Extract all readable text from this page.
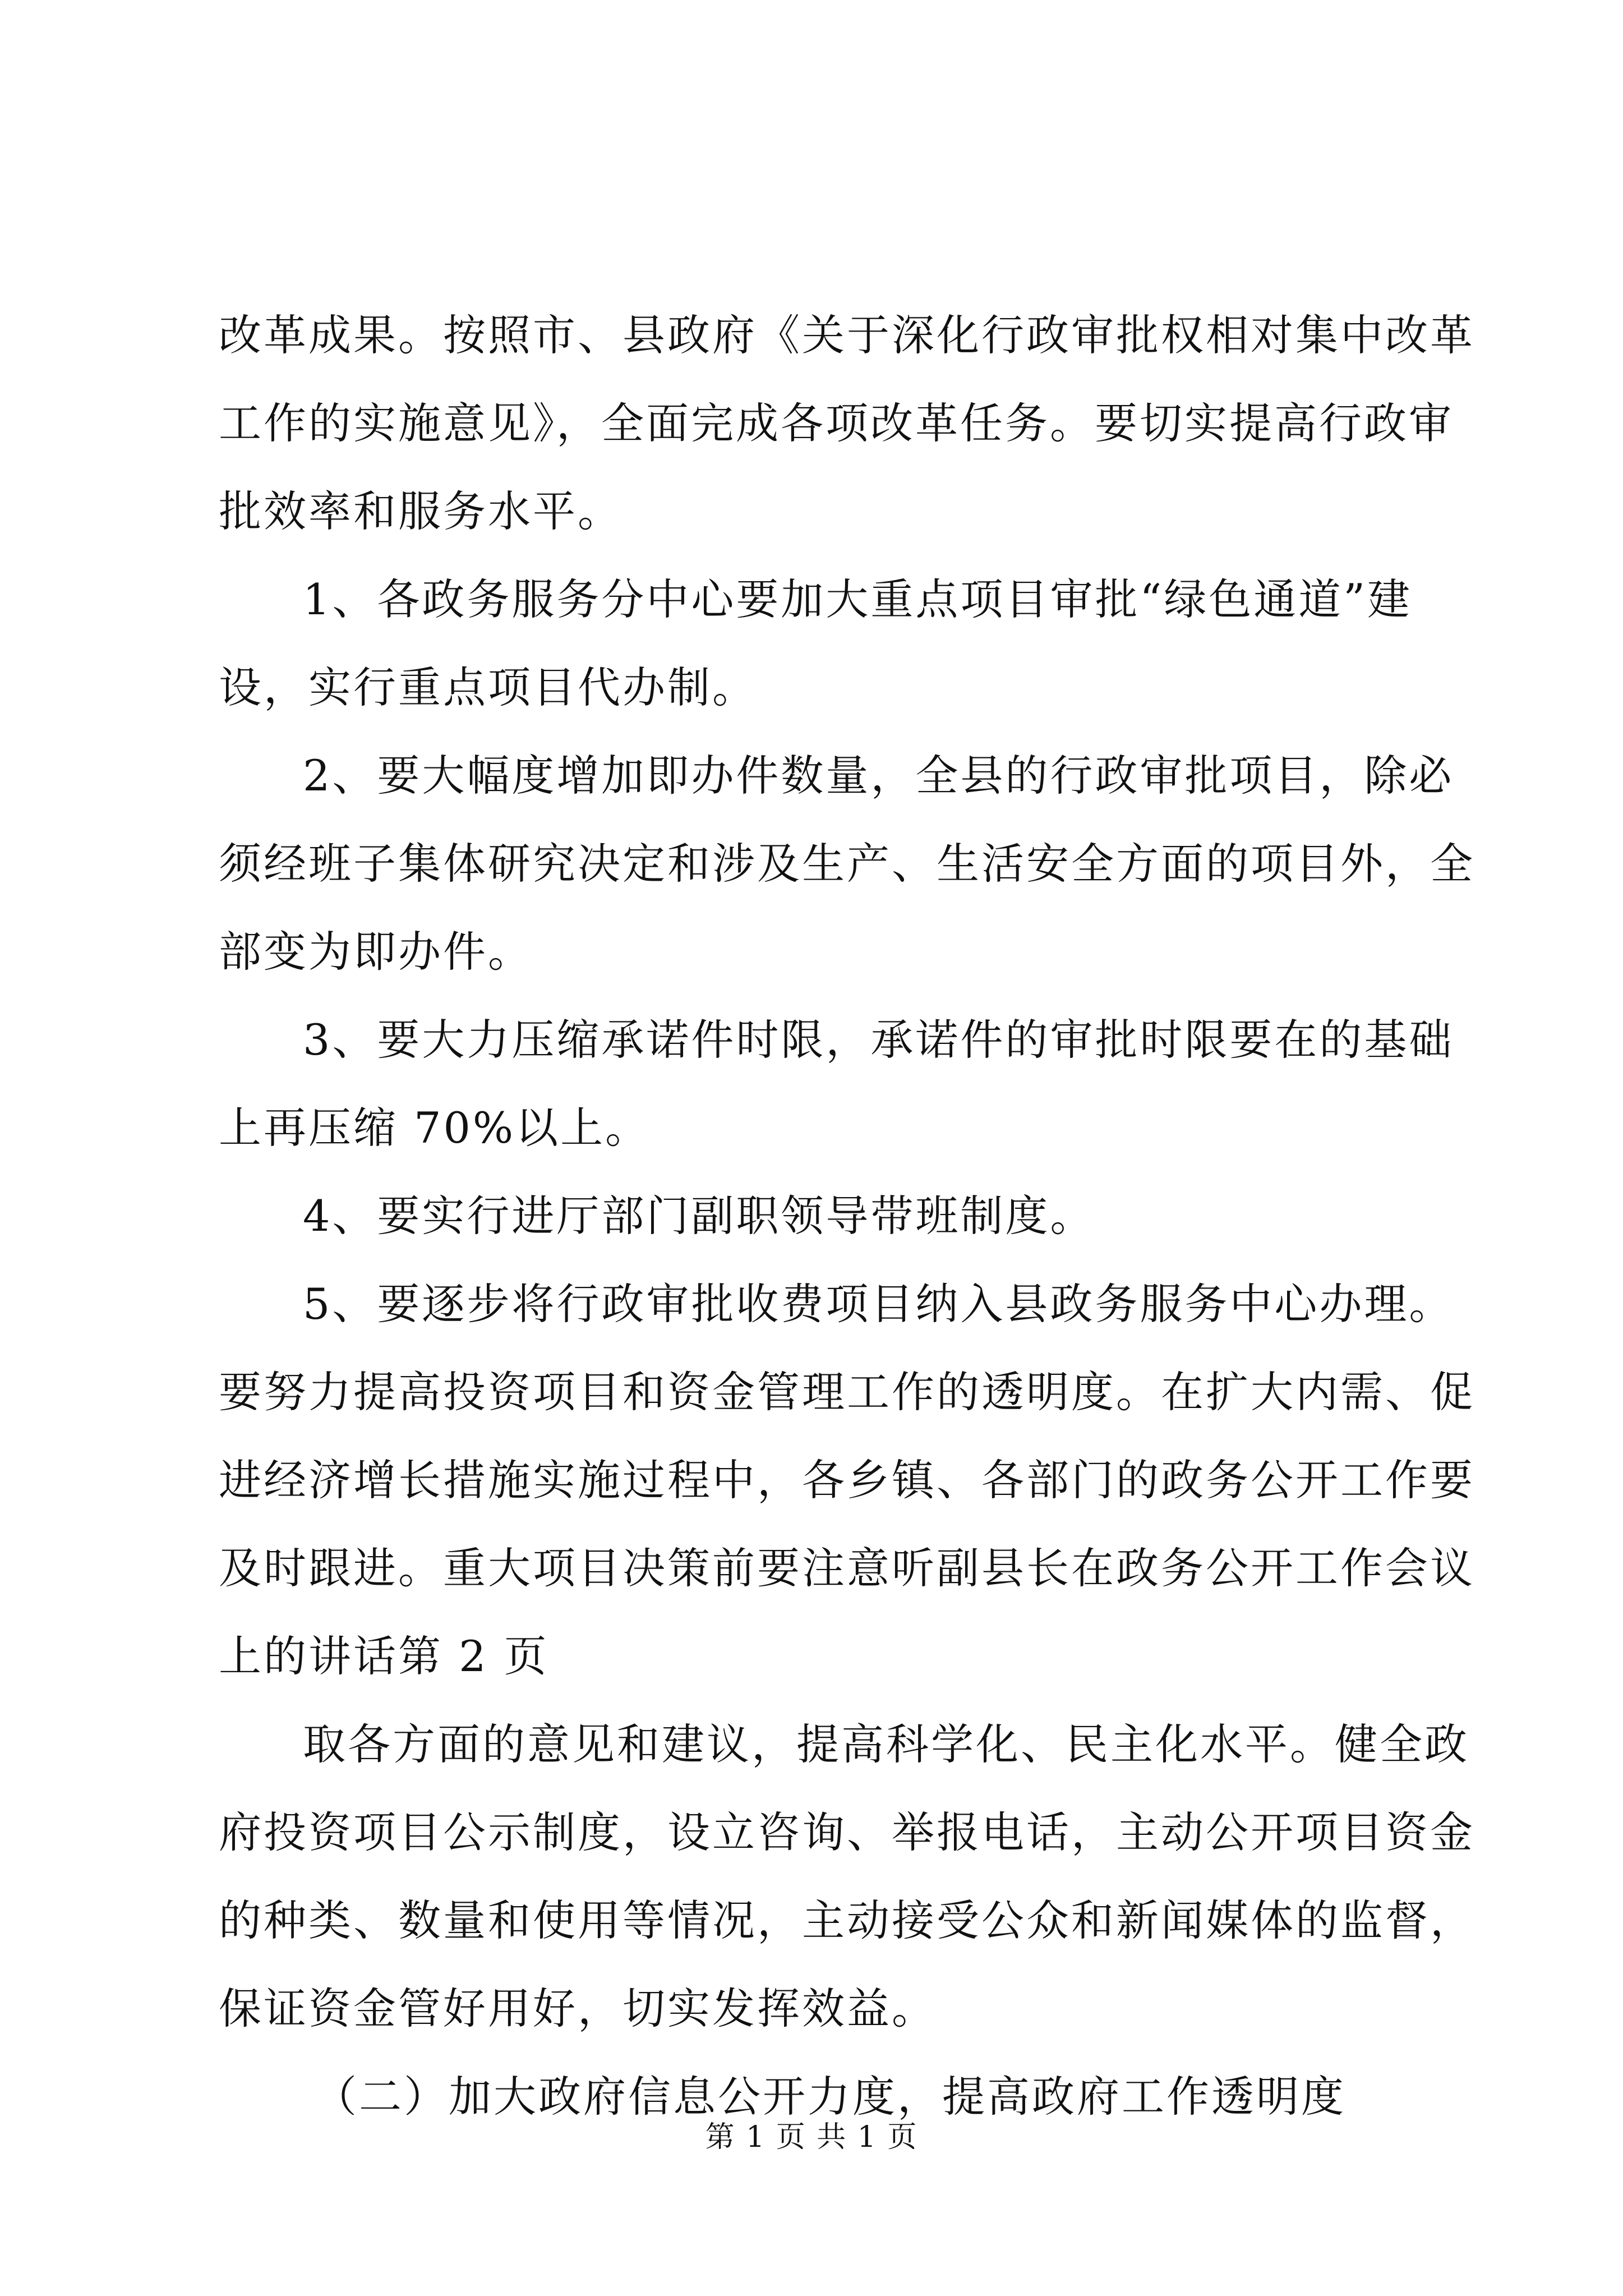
改革成果。按照市、县政府《关于深化行政审批权相对集中改革
工作的实施意见》，全面完成各项改革任务。要切实提高行政审
批效率和服务水平。
1、各政务服务分中心要加大重点项目审批“绿色通道”建
设，实行重点项目代办制。
2、要大幅度增加即办件数量，全县的行政审批项目，除必
须经班子集体研究决定和涉及生产、生活安全方面的项目外，全
部变为即办件。
3、要大力压缩承诺件时限，承诺件的审批时限要在的基础
上再压缩 70%以上。
4、要实行进厅部门副职领导带班制度。
5、要逐步将行政审批收费项目纳入县政务服务中心办理。
要努力提高投资项目和资金管理工作的透明度。在扩大内需、促
进经济增长措施实施过程中，各乡镇、各部门的政务公开工作要
及时跟进。重大项目决策前要注意听副县长在政务公开工作会议
上的讲话第 2 页
取各方面的意见和建议，提高科学化、民主化水平。健全政
府投资项目公示制度，设立咨询、举报电话，主动公开项目资金
的种类、数量和使用等情况，主动接受公众和新闻媒体的监督，
保证资金管好用好，切实发挥效益。
（二）加大政府信息公开力度，提高政府工作透明度
第 1 页 共 1 页
